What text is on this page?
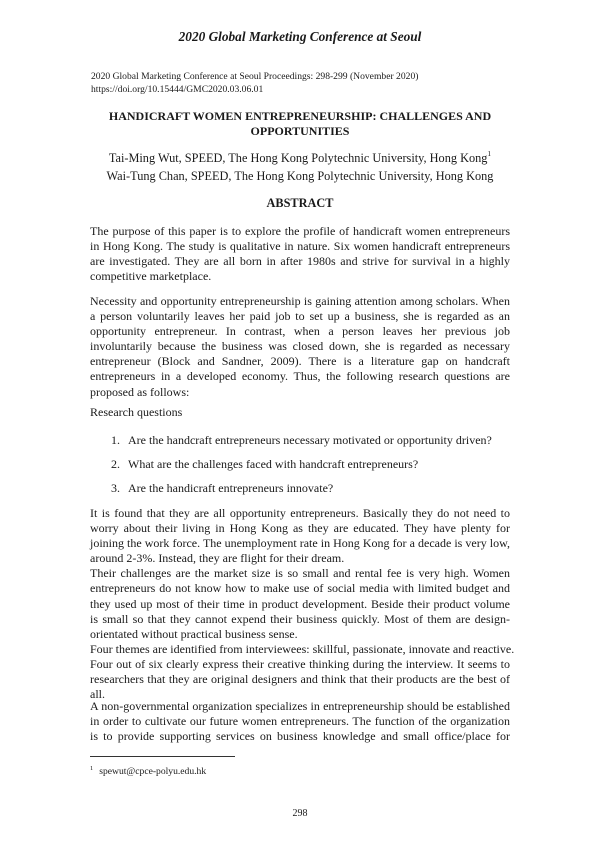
2020 Global Marketing Conference at Seoul
2020 Global Marketing Conference at Seoul Proceedings: 298-299 (November 2020)
https://doi.org/10.15444/GMC2020.03.06.01
HANDICRAFT WOMEN ENTREPRENEURSHIP: CHALLENGES AND
OPPORTUNITIES
Tai-Ming Wut, SPEED, The Hong Kong Polytechnic University, Hong Kong$^1$
Wai-Tung Chan, SPEED, The Hong Kong Polytechnic University, Hong Kong
ABSTRACT
The purpose of this paper is to explore the profile of handicraft women entrepreneurs
in Hong Kong. The study is qualitative in nature. Six women handicraft entrepreneurs
are investigated. They are all born in after 1980s and strive for survival in a highly
competitive marketplace.
Necessity and opportunity entrepreneurship is gaining attention among scholars. When
a person voluntarily leaves her paid job to set up a business, she is regarded as an
opportunity entrepreneur. In contrast, when a person leaves her previous job
involuntarily because the business was closed down, she is regarded as necessary
entrepreneur (Block and Sandner, 2009). There is a literature gap on handcraft
entrepreneurs in a developed economy. Thus, the following research questions are
proposed as follows:
Research questions
1. Are the handcraft entrepreneurs necessary motivated or opportunity driven?
2. What are the challenges faced with handcraft entrepreneurs?
3. Are the handicraft entrepreneurs innovate?
It is found that they are all opportunity entrepreneurs. Basically they do not need to
worry about their living in Hong Kong as they are educated. They have plenty for
joining the work force. The unemployment rate in Hong Kong for a decade is very low,
around 2-3%. Instead, they are flight for their dream.
Their challenges are the market size is so small and rental fee is very high. Women
entrepreneurs do not know how to make use of social media with limited budget and
they used up most of their time in product development. Beside their product volume
is small so that they cannot expend their business quickly. Most of them are design-
orientated without practical business sense.
Four themes are identified from interviewees: skillful, passionate, innovate and reactive.
Four out of six clearly express their creative thinking during the interview. It seems to
researchers that they are original designers and think that their products are the best of
all.
A non-governmental organization specializes in entrepreneurship should be established
in order to cultivate our future women entrepreneurs. The function of the organization
is to provide supporting services on business knowledge and small office/place for
$^1$ spewut@cpce-polyu.edu.hk
298
